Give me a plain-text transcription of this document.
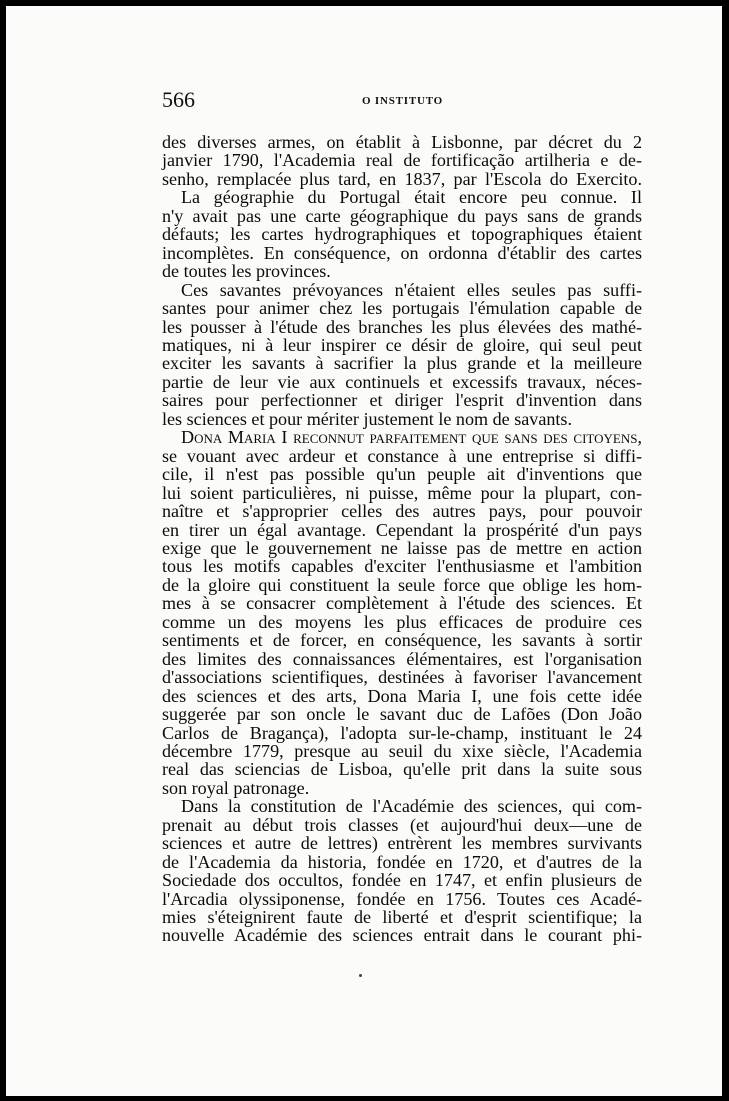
566	O INSTITUTO
des diverses armes, on établit à Lisbonne, par décret du 2
janvier 1790, l'Academia real de fortificação artilheria e de-
senho, remplacée plus tard, en 1837, par l'Escola do Exercito.
La géographie du Portugal était encore peu connue. Il
n'y avait pas une carte géographique du pays sans de grands
défauts; les cartes hydrographiques et topographiques étaient
incomplètes. En conséquence, on ordonna d'établir des cartes
de toutes les provinces.
Ces savantes prévoyances n'étaient elles seules pas suffi-
santes pour animer chez les portugais l'émulation capable de
les pousser à l'étude des branches les plus élevées des mathé-
matiques, ni à leur inspirer ce désir de gloire, qui seul peut
exciter les savants à sacrifier la plus grande et la meilleure
partie de leur vie aux continuels et excessifs travaux, néces-
saires pour perfectionner et diriger l'esprit d'invention dans
les sciences et pour mériter justement le nom de savants.
Dona Maria I reconnut parfaitement que sans des citoyens,
se vouant avec ardeur et constance à une entreprise si diffi-
cile, il n'est pas possible qu'un peuple ait d'inventions que
lui soient particulières, ni puisse, même pour la plupart, con-
naître et s'approprier celles des autres pays, pour pouvoir
en tirer un égal avantage. Cependant la prospérité d'un pays
exige que le gouvernement ne laisse pas de mettre en action
tous les motifs capables d'exciter l'enthusiasme et l'ambition
de la gloire qui constituent la seule force que oblige les hom-
mes à se consacrer complètement à l'étude des sciences. Et
comme un des moyens les plus efficaces de produire ces
sentiments et de forcer, en conséquence, les savants à sortir
des limites des connaissances élémentaires, est l'organisation
d'associations scientifiques, destinées à favoriser l'avancement
des sciences et des arts, Dona Maria I, une fois cette idée
suggerée par son oncle le savant duc de Lafões (Don João
Carlos de Bragança), l'adopta sur-le-champ, instituant le 24
décembre 1779, presque au seuil du xixe siècle, l'Academia
real das sciencias de Lisboa, qu'elle prit dans la suite sous
son royal patronage.
Dans la constitution de l'Académie des sciences, qui com-
prenait au début trois classes (et aujourd'hui deux—une de
sciences et autre de lettres) entrèrent les membres survivants
de l'Academia da historia, fondée en 1720, et d'autres de la
Sociedade dos occultos, fondée en 1747, et enfin plusieurs de
l'Arcadia olyssiponense, fondée en 1756. Toutes ces Acadé-
mies s'éteignirent faute de liberté et d'esprit scientifique; la
nouvelle Académie des sciences entrait dans le courant phi-
